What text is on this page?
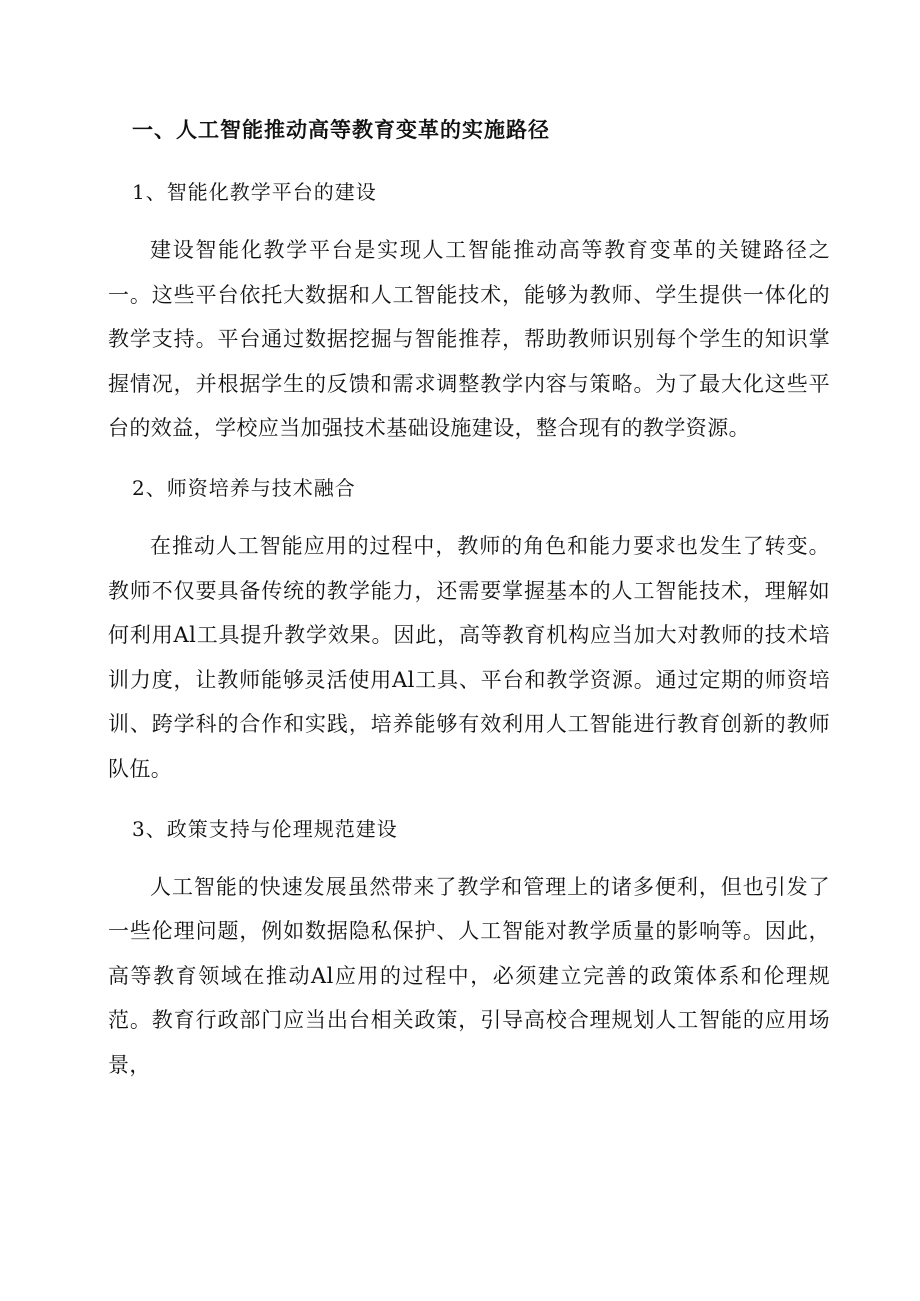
一、人工智能推动高等教育变革的实施路径
1、智能化教学平台的建设

建设智能化教学平台是实现人工智能推动高等教育变革的关键路径之一。这些平台依托大数据和人工智能技术，能够为教师、学生提供一体化的教学支持。平台通过数据挖掘与智能推荐，帮助教师识别每个学生的知识掌握情况，并根据学生的反馈和需求调整教学内容与策略。为了最大化这些平台的效益，学校应当加强技术基础设施建设，整合现有的教学资源。

2、师资培养与技术融合

在推动人工智能应用的过程中，教师的角色和能力要求也发生了转变。教师不仅要具备传统的教学能力，还需要掌握基本的人工智能技术，理解如何利用Al工具提升教学效果。因此，高等教育机构应当加大对教师的技术培训力度，让教师能够灵活使用Al工具、平台和教学资源。通过定期的师资培训、跨学科的合作和实践，培养能够有效利用人工智能进行教育创新的教师队伍。

3、政策支持与伦理规范建设

人工智能的快速发展虽然带来了教学和管理上的诸多便利，但也引发了一些伦理问题，例如数据隐私保护、人工智能对教学质量的影响等。因此，高等教育领域在推动Al应用的过程中，必须建立完善的政策体系和伦理规范。教育行政部门应当出台相关政策，引导高校合理规划人工智能的应用场景，
